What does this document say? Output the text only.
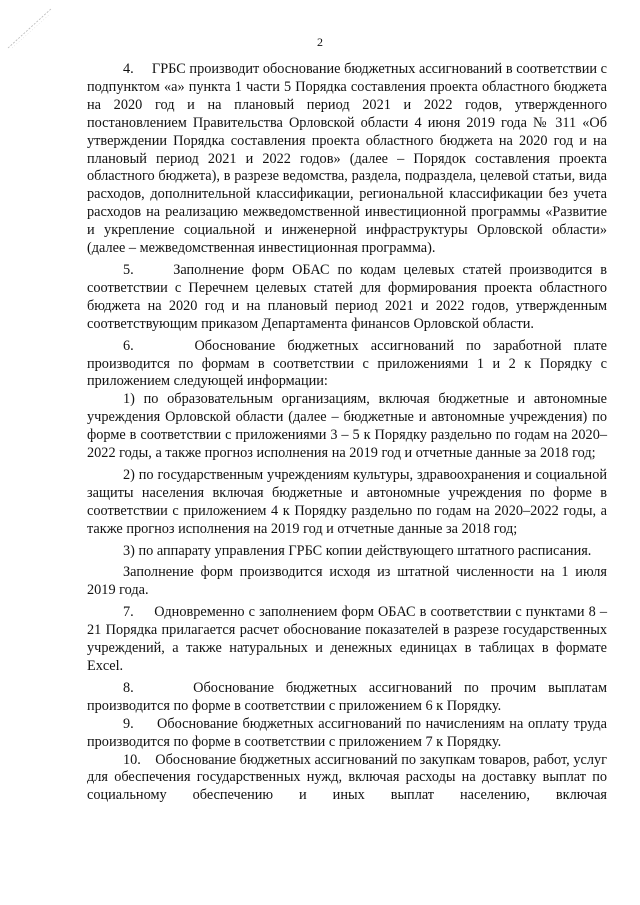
2

4.     ГРБС производит обоснование бюджетных ассигнований в соответствии с подпунктом «а» пункта 1 части 5 Порядка составления проекта областного бюджета на 2020 год и на плановый период 2021 и 2022 годов, утвержденного постановлением Правительства Орловской области 4 июня 2019 года № 311 «Об утверждении Порядка составления проекта областного бюджета на 2020 год и на плановый период 2021 и 2022 годов» (далее – Порядок составления проекта областного бюджета), в разрезе ведомства, раздела, подраздела, целевой статьи, вида расходов, дополнительной классификации, региональной классификации без учета расходов на реализацию межведомственной инвестиционной программы «Развитие и укрепление социальной и инженерной инфраструктуры Орловской области» (далее – межведомственная инвестиционная программа).

5.     Заполнение форм ОБАС по кодам целевых статей производится в соответствии с Перечнем целевых статей для формирования проекта областного бюджета на 2020 год и на плановый период 2021 и 2022 годов, утвержденным соответствующим приказом Департамента финансов Орловской области.

6.     Обоснование бюджетных ассигнований по заработной плате производится по формам в соответствии с приложениями 1 и 2 к Порядку с приложением следующей информации:

1) по образовательным организациям, включая бюджетные и автономные учреждения Орловской области (далее – бюджетные и автономные учреждения) по форме в соответствии с приложениями 3 – 5 к Порядку раздельно по годам на 2020–2022 годы, а также прогноз исполнения на 2019 год и отчетные данные за 2018 год;

2) по государственным учреждениям культуры, здравоохранения и социальной защиты населения включая бюджетные и автономные учреждения по форме в соответствии с приложением 4 к Порядку раздельно по годам на 2020–2022 годы, а также прогноз исполнения на 2019 год и отчетные данные за 2018 год;

3) по аппарату управления ГРБС копии действующего штатного расписания.

Заполнение форм производится исходя из штатной численности на 1 июля 2019 года.

7.     Одновременно с заполнением форм ОБАС в соответствии с пунктами 8 – 21 Порядка прилагается расчет обоснование показателей в разрезе государственных учреждений, а также натуральных и денежных единицах в таблицах в формате Excel.

8.     Обоснование бюджетных ассигнований по прочим выплатам производится по форме в соответствии с приложением 6 к Порядку.

9.     Обоснование бюджетных ассигнований по начислениям на оплату труда производится по форме в соответствии с приложением 7 к Порядку.

10.    Обоснование бюджетных ассигнований по закупкам товаров, работ, услуг для обеспечения государственных нужд, включая расходы на доставку выплат по социальному обеспечению и иных выплат населению, включая
